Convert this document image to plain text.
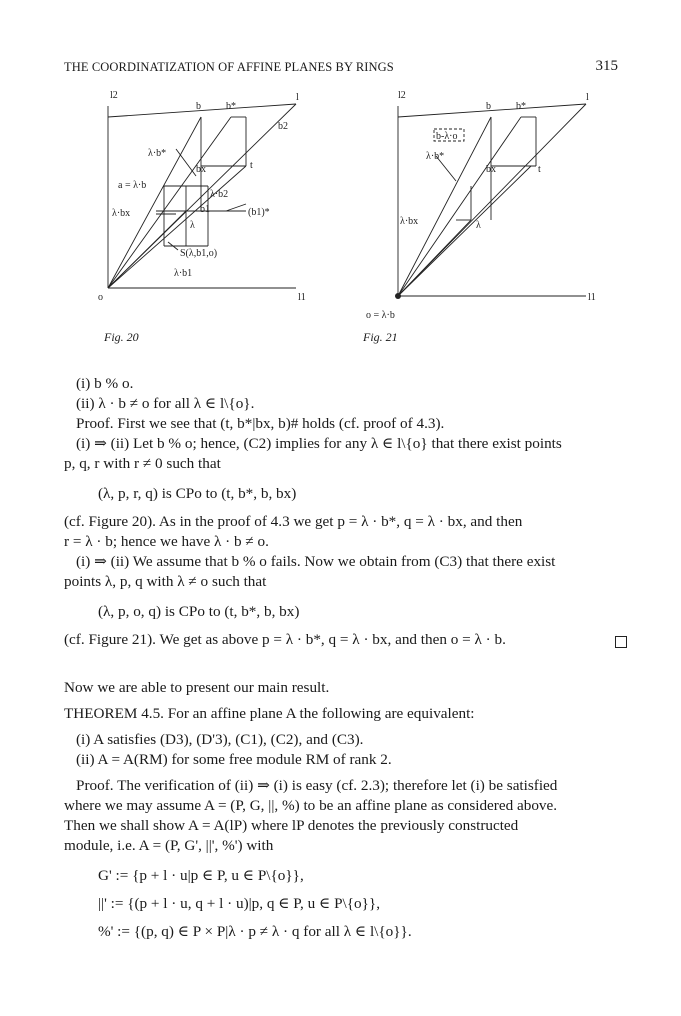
THE COORDINATIZATION OF AFFINE PLANES BY RINGS	315
l2
b	b*
l
b2
λ·b*
bx	t
a = λ·b
λ·b2
λ·bx	b1	(b1)*
λ
S(λ,b1,o)
λ·b1
o	l1
l2
b	b*
l
b-λ·o
λ·b*
bx	t
λ·bx	λ
o = λ·b
l1
Fig. 20	Fig. 21
(i) b % o.
(ii) λ · b ≠ o for all λ ∈ l\{o}.
Proof. First we see that (t, b*|bx, b)# holds (cf. proof of 4.3).
(i) ⇒ (ii) Let b % o; hence, (C2) implies for any λ ∈ l\{o} that there exist points
p, q, r with r ≠ 0 such that
(λ, p, r, q) is CPo to (t, b*, b, bx)
(cf. Figure 20). As in the proof of 4.3 we get p = λ · b*, q = λ · bx, and then
r = λ · b; hence we have λ · b ≠ o.
(i) ⇒ (ii) We assume that b % o fails. Now we obtain from (C3) that there exist
points λ, p, q with λ ≠ o such that
(λ, p, o, q) is CPo to (t, b*, b, bx)
(cf. Figure 21). We get as above p = λ · b*, q = λ · bx, and then o = λ · b.
Now we are able to present our main result.
THEOREM 4.5. For an affine plane A the following are equivalent:
(i) A satisfies (D3), (D'3), (C1), (C2), and (C3).
(ii) A = A(RM) for some free module RM of rank 2.
Proof. The verification of (ii) ⇒ (i) is easy (cf. 2.3); therefore let (i) be satisfied
where we may assume A = (P, G, ||, %) to be an affine plane as considered above.
Then we shall show A = A(lP) where lP denotes the previously constructed
module, i.e. A = (P, G', ||', %') with
G' := {p + l · u|p ∈ P, u ∈ P\{o}},
||' := {(p + l · u, q + l · u)|p, q ∈ P, u ∈ P\{o}},
%' := {(p, q) ∈ P × P|λ · p ≠ λ · q for all λ ∈ l\{o}}.
